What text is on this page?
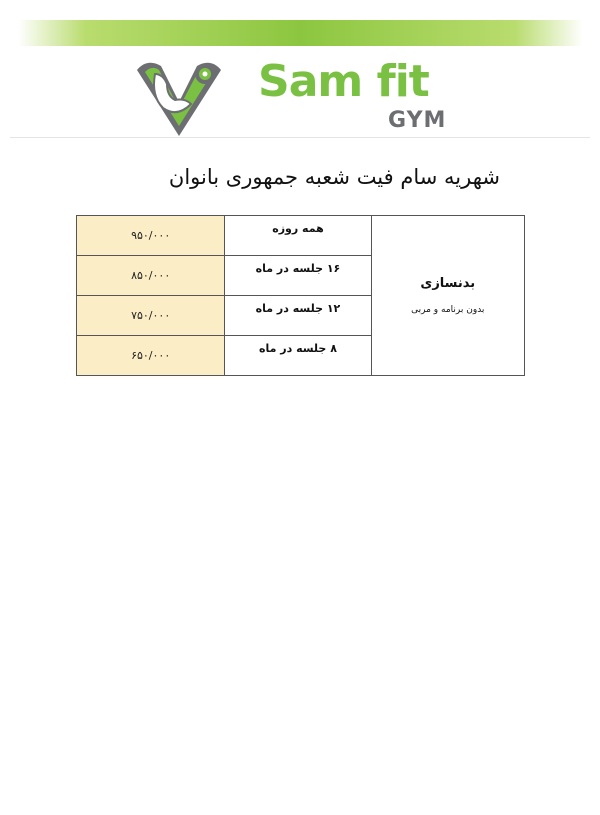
Sam fit
GYM
شهریه سام فیت شعبه جمهوری بانوان
۹۵۰/۰۰۰	همه روزه	بدنسازی
بدون برنامه و مربی

۸۵۰/۰۰۰	۱۶ جلسه در ماه	
۷۵۰/۰۰۰	۱۲ جلسه در ماه	
۶۵۰/۰۰۰	۸ جلسه در ماه	
